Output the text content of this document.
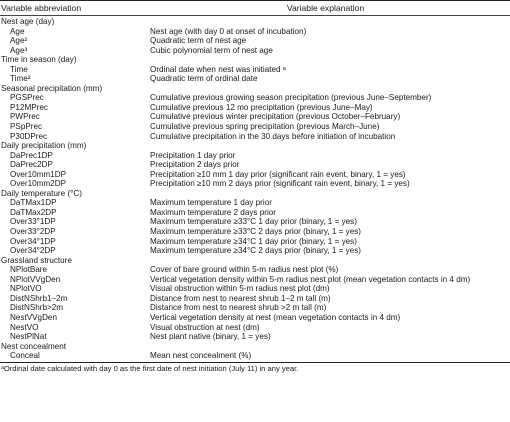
Variable abbreviation	Variable explanation
Nest age (day)
Age	Nest age (with day 0 at onset of incubation)
Age²	Quadratic term of nest age
Age³	Cubic polynomial term of nest age
Time in season (day)
Time	Ordinal date when nest was initiated ᵃ
Time²	Quadratic term of ordinal date
Seasonal precipitation (mm)
PGSPrec	Cumulative previous growing season precipitation (previous June–September)
P12MPrec	Cumulative previous 12 mo precipitation (previous June–May)
PWPrec	Cumulative previous winter precipitation (previous October–February)
PSpPrec	Cumulative previous spring precipitation (previous March–June)
P30DPrec	Cumulative precipitation in the 30 days before initiation of incubation
Daily precipitation (mm)
DaPrec1DP	Precipitation 1 day prior
DaPrec2DP	Precipitation 2 days prior
Over10mm1DP	Precipitation ≥10 mm 1 day prior (significant rain event, binary, 1 = yes)
Over10mm2DP	Precipitation ≥10 mm 2 days prior (significant rain event, binary, 1 = yes)
Daily temperature (°C)
DaTMax1DP	Maximum temperature 1 day prior
DaTMax2DP	Maximum temperature 2 days prior
Over33°1DP	Maximum temperature ≥33°C 1 day prior (binary, 1 = yes)
Over33°2DP	Maximum temperature ≥33°C 2 days prior (binary, 1 = yes)
Over34°1DP	Maximum temperature ≥34°C 1 day prior (binary, 1 = yes)
Over34°2DP	Maximum temperature ≥34°C 2 days prior (binary, 1 = yes)
Grassland structure
NPlotBare	Cover of bare ground within 5-m radius nest plot (%)
NPlotVVgDen	Vertical vegetation density within 5-m radius nest plot (mean vegetation contacts in 4 dm)
NPlotVO	Visual obstruction within 5-m radius nest plot (dm)
DistNShrb1–2m	Distance from nest to nearest shrub 1–2 m tall (m)
DistNShrb>2m	Distance from nest to nearest shrub >2 m tall (m)
NestVVgDen	Vertical vegetation density at nest (mean vegetation contacts in 4 dm)
NestVO	Visual obstruction at nest (dm)
NestPlNat	Nest plant native (binary, 1 = yes)
Nest concealment
Conceal	Mean nest concealment (%)
ᵃOrdinal date calculated with day 0 as the first date of nest initiation (July 11) in any year.
